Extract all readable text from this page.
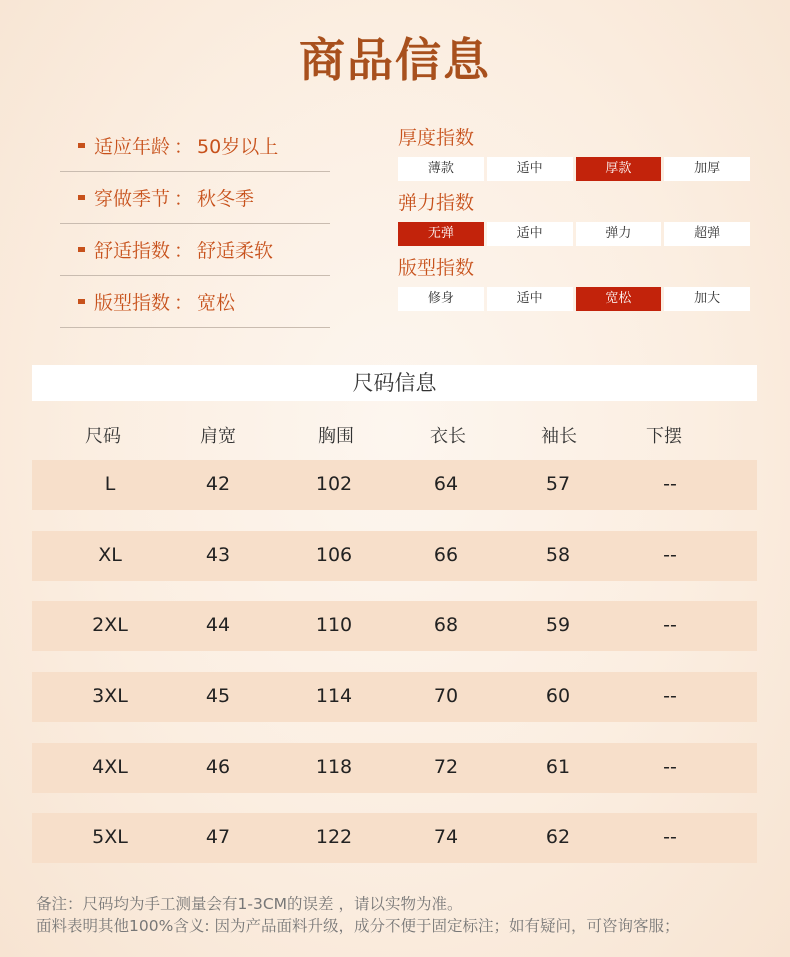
商品信息
适应年龄 ： 50岁以上
穿做季节 ： 秋冬季
舒适指数 ： 舒适柔软
版型指数 ： 宽松
厚度指数
薄款	适中	厚款	加厚
弹力指数
无弹	适中	弹力	超弹
版型指数
修身	适中	宽松	加大
尺码信息
尺码	肩宽	胸围	衣长	袖长	下摆
L	42	102	64	57	--
XL	43	106	66	58	--
2XL	44	110	68	59	--
3XL	45	114	70	60	--
4XL	46	118	72	61	--
5XL	47	122	74	62	--
备注：尺码均为手工测量会有1-3CM的误差 ，请以实物为准。
面料表明其他100%含义: 因为产品面料升级，成分不便于固定标注；如有疑问，可咨询客服；
